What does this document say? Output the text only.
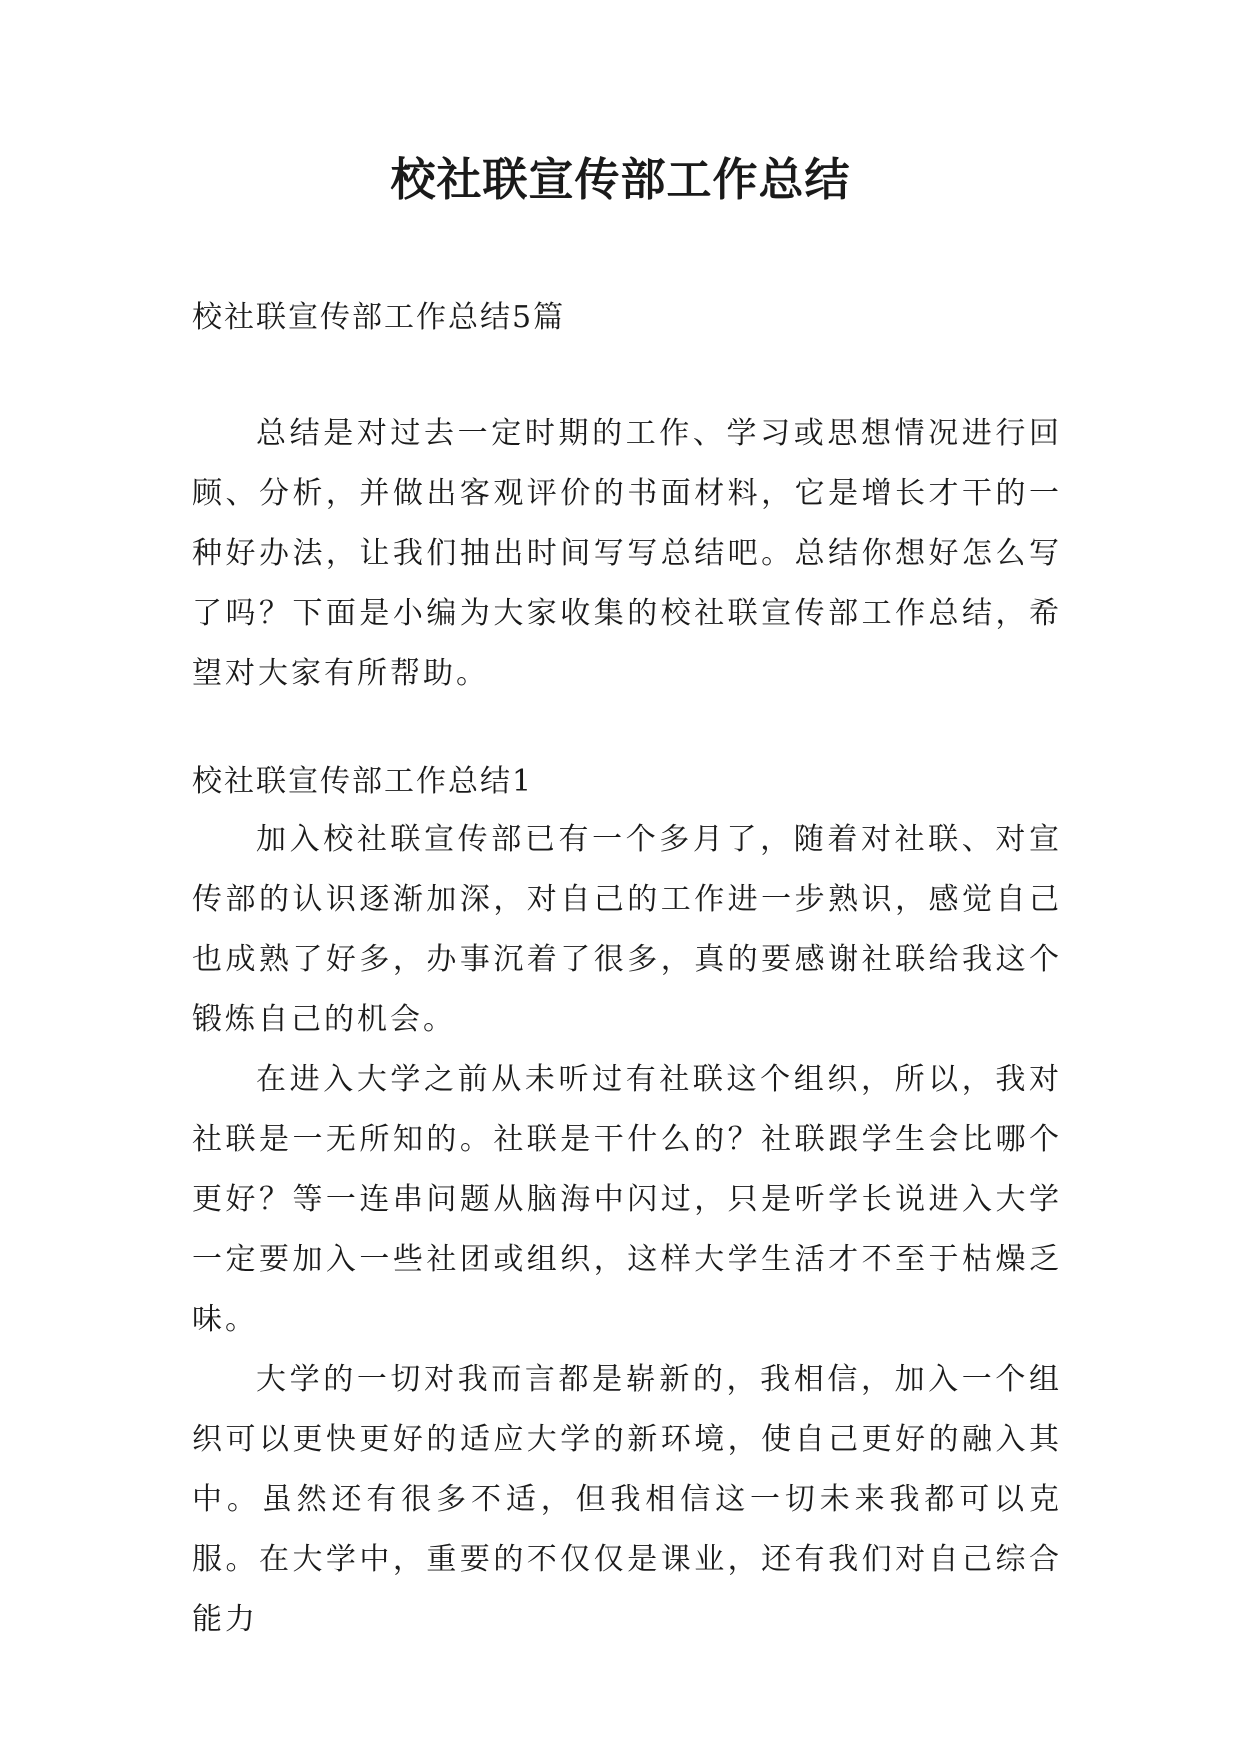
校社联宣传部工作总结
校社联宣传部工作总结5篇

总结是对过去一定时期的工作、学习或思想情况进行回顾、分析，并做出客观评价的书面材料，它是增长才干的一种好办法，让我们抽出时间写写总结吧。总结你想好怎么写了吗？下面是小编为大家收集的校社联宣传部工作总结，希望对大家有所帮助。

校社联宣传部工作总结1

加入校社联宣传部已有一个多月了，随着对社联、对宣传部的认识逐渐加深，对自己的工作进一步熟识，感觉自己也成熟了好多，办事沉着了很多，真的要感谢社联给我这个锻炼自己的机会。

在进入大学之前从未听过有社联这个组织，所以，我对社联是一无所知的。社联是干什么的？社联跟学生会比哪个更好？等一连串问题从脑海中闪过，只是听学长说进入大学一定要加入一些社团或组织，这样大学生活才不至于枯燥乏味。

大学的一切对我而言都是崭新的，我相信，加入一个组织可以更快更好的适应大学的新环境，使自己更好的融入其中。虽然还有很多不适，但我相信这一切未来我都可以克服。在大学中，重要的不仅仅是课业，还有我们对自己综合能力
